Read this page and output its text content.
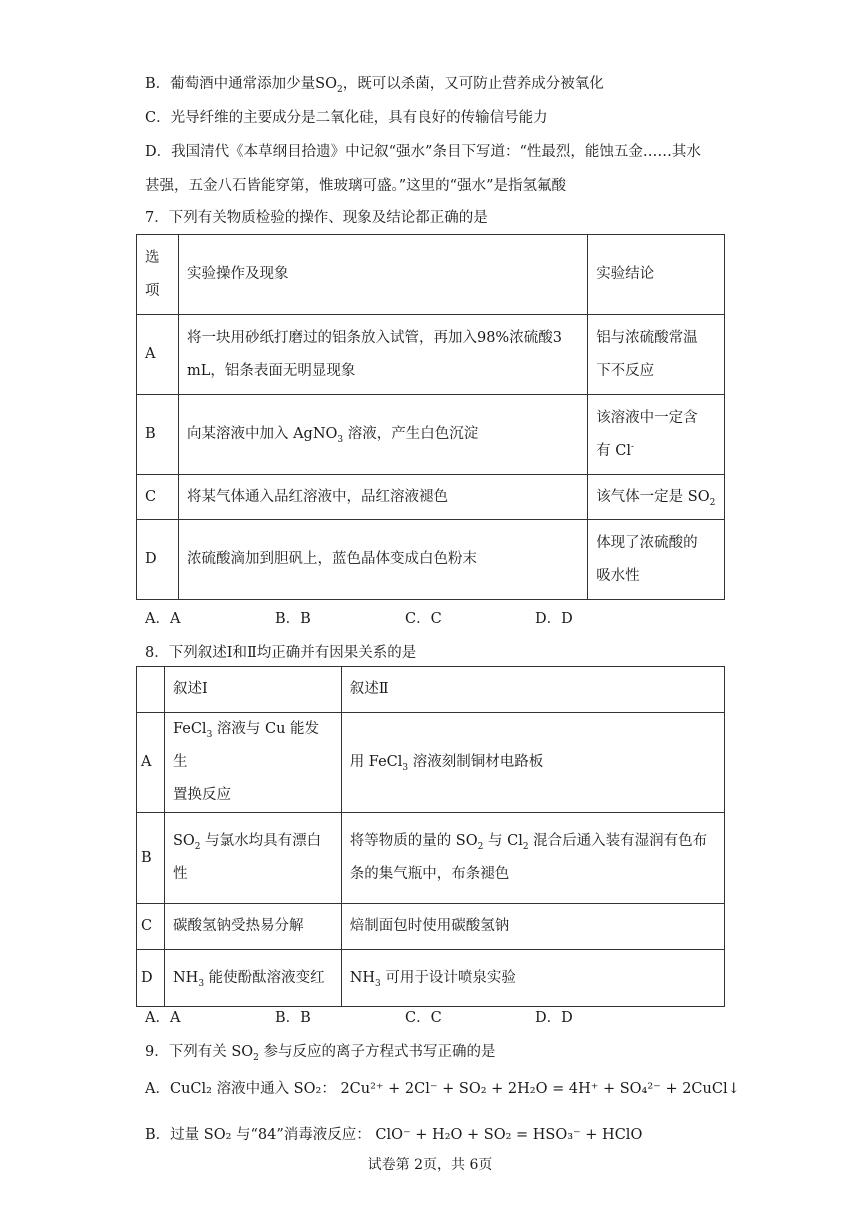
B．葡萄酒中通常添加少量$SO_2$，既可以杀菌，又可防止营养成分被氧化
C．光导纤维的主要成分是二氧化硅，具有良好的传输信号能力
D．我国清代《本草纲目拾遗》中记叙“强水”条目下写道：“性最烈，能蚀五金……其水
甚强，五金八石皆能穿第，惟玻璃可盛。”这里的“强水”是指氢氟酸
7．下列有关物质检验的操作、现象及结论都正确的是
选
项	实验操作及现象	实验结论
A	将一块用砂纸打磨过的铝条放入试管，再加入98%浓硫酸3
mL，铝条表面无明显现象	铝与浓硫酸常温
下不反应
B	向某溶液中加入 AgNO$_3$ 溶液，产生白色沉淀	该溶液中一定含
有 Cl-
C	将某气体通入品红溶液中，品红溶液褪色	该气体一定是 $SO_2$
D	浓硫酸滴加到胆矾上，蓝色晶体变成白色粉末	体现了浓硫酸的
吸水性
A．A	B．B	C．C	D．D
8．下列叙述Ⅰ和Ⅱ均正确并有因果关系的是
	叙述Ⅰ	叙述Ⅱ
A	FeCl$_3$ 溶液与 Cu 能发生
置换反应	用 FeCl$_3$ 溶液刻制铜材电路板
B	$SO_2$ 与氯水均具有漂白
性	将等物质的量的 $SO_2$ 与 $Cl_2$ 混合后通入装有湿润有色布
条的集气瓶中，布条褪色
C	碳酸氢钠受热易分解	焙制面包时使用碳酸氢钠
D	$NH_3$ 能使酚酞溶液变红	$NH_3$ 可用于设计喷泉实验
A．A	B．B	C．C	D．D
9．下列有关 $SO_2$ 参与反应的离子方程式书写正确的是
A．CuCl₂ 溶液中通入 SO₂： 2Cu²⁺ + 2Cl⁻ + SO₂ + 2H₂O = 4H⁺ + SO₄²⁻ + 2CuCl↓
B．过量 SO₂ 与“84”消毒液反应： ClO⁻ + H₂O + SO₂ = HSO₃⁻ + HClO
试卷第 2页，共 6页
